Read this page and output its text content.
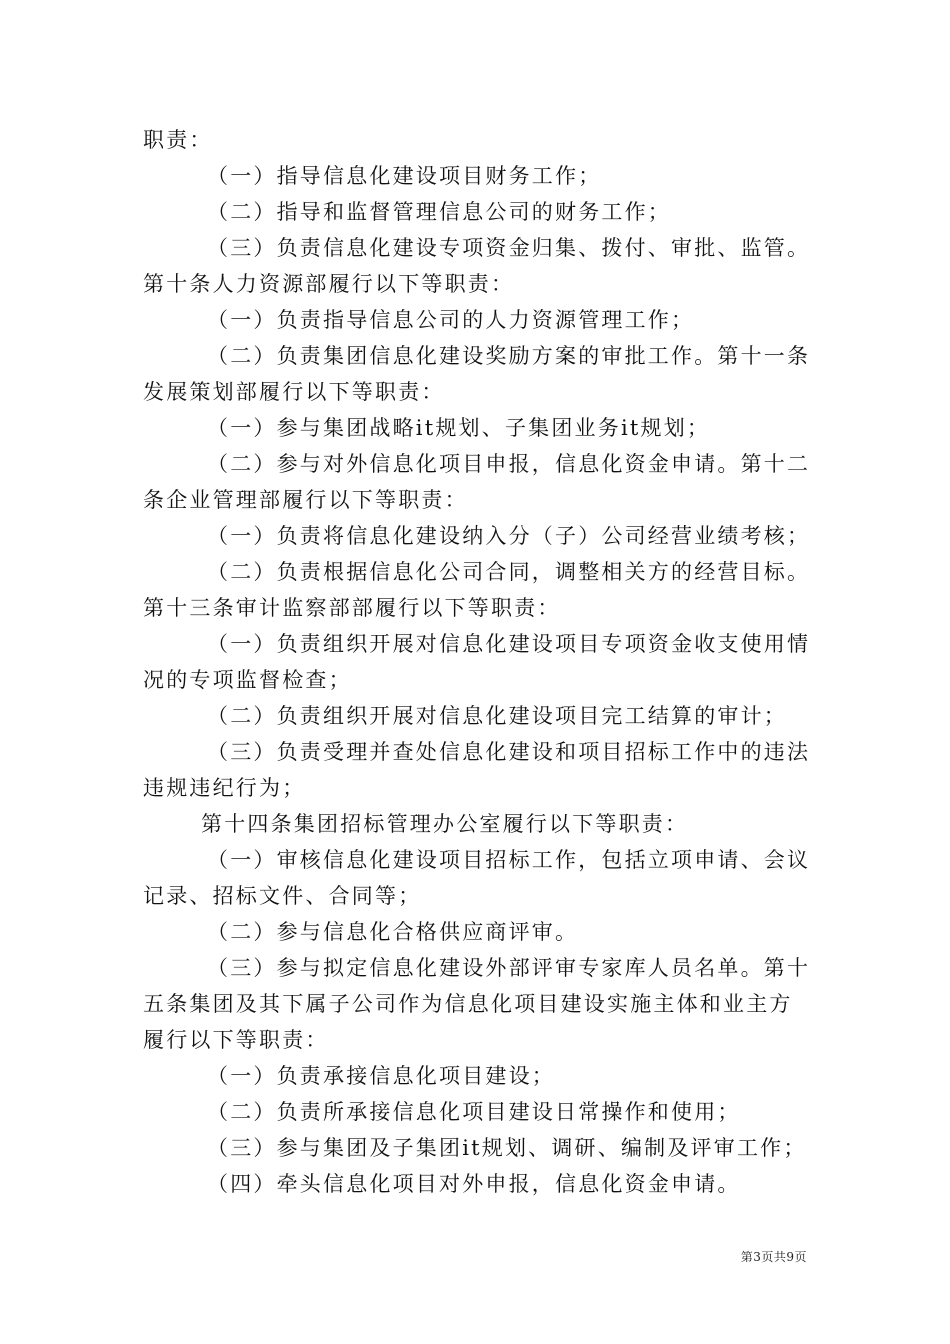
职责：

（一）指导信息化建设项目财务工作；

（二）指导和监督管理信息公司的财务工作；

（三）负责信息化建设专项资金归集、拨付、审批、监管。第十条人力资源部履行以下等职责：

（一）负责指导信息公司的人力资源管理工作；

（二）负责集团信息化建设奖励方案的审批工作。第十一条发展策划部履行以下等职责：

（一）参与集团战略it规划、子集团业务it规划；

（二）参与对外信息化项目申报，信息化资金申请。第十二条企业管理部履行以下等职责：

（一）负责将信息化建设纳入分（子）公司经营业绩考核；

（二）负责根据信息化公司合同，调整相关方的经营目标。第十三条审计监察部部履行以下等职责：

（一）负责组织开展对信息化建设项目专项资金收支使用情况的专项监督检查；

（二）负责组织开展对信息化建设项目完工结算的审计；

（三）负责受理并查处信息化建设和项目招标工作中的违法违规违纪行为；

第十四条集团招标管理办公室履行以下等职责：

（一）审核信息化建设项目招标工作，包括立项申请、会议记录、招标文件、合同等；

（二）参与信息化合格供应商评审。

（三）参与拟定信息化建设外部评审专家库人员名单。第十五条集团及其下属子公司作为信息化项目建设实施主体和业主方履行以下等职责：

（一）负责承接信息化项目建设；

（二）负责所承接信息化项目建设日常操作和使用；

（三）参与集团及子集团it规划、调研、编制及评审工作；

（四）牵头信息化项目对外申报，信息化资金申请。

第3页共9页
